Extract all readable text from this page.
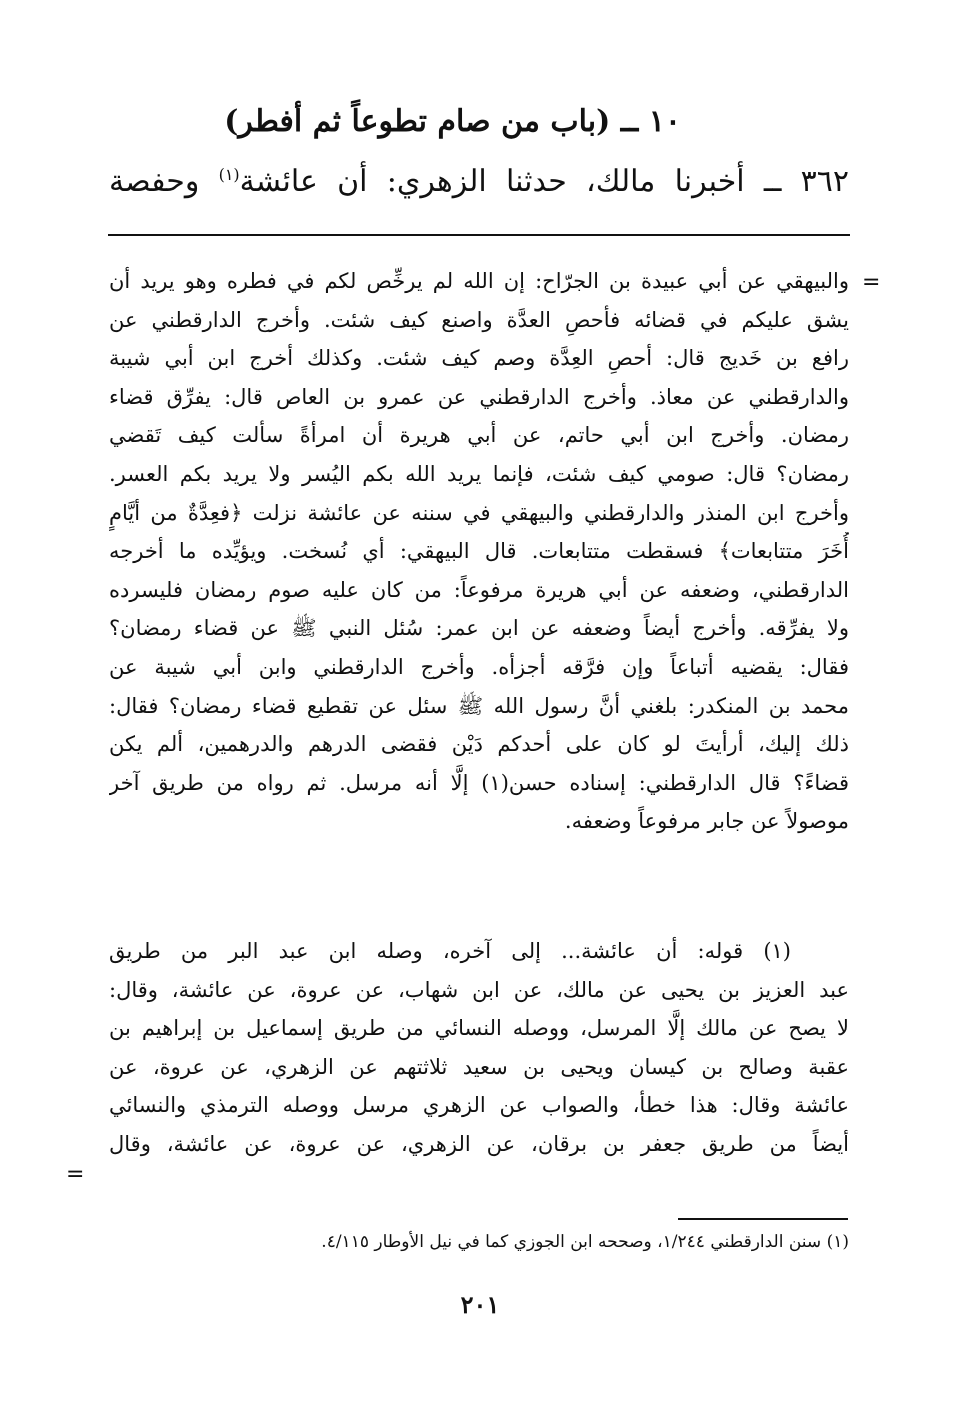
١٠ ــ (باب من صام تطوعاً ثم أفطر)
٣٦٢ ــ أخبرنا مالك، حدثنا الزهري: أن عائشة$^{(١)}$ وحفصة
=
والبيهقي عن أبي عبيدة بن الجرّاح: إن الله لم يرخِّص لكم في فطره وهو يريد أن
يشق عليكم في قضائه فأحصِ العدَّة واصنع كيف شئت. وأخرج الدارقطني عن
رافع بن خَديج قال: أحصِ العِدَّة وصم كيف شئت. وكذلك أخرج ابن أبي شيبة
والدارقطني عن معاذ. وأخرج الدارقطني عن عمرو بن العاص قال: يفرِّق قضاء
رمضان. وأخرج ابن أبي حاتم، عن أبي هريرة أن امرأةً سألت كيف تَقضي
رمضان؟ قال: صومي كيف شئت، فإنما يريد الله بكم اليُسر ولا يريد بكم العسر.
وأخرج ابن المنذر والدارقطني والبيهقي في سننه عن عائشة نزلت ﴿فعِدَّةٌ من أيَّامٍ
أُخَرَ متتابعات﴾ فسقطت متتابعات. قال البيهقي: أي نُسخت. ويؤيِّده ما أخرجه
الدارقطني، وضعفه عن أبي هريرة مرفوعاً: من كان عليه صوم رمضان فليسرده
ولا يفرِّقه. وأخرج أيضاً وضعفه عن ابن عمر: سُئل النبي ﷺ عن قضاء رمضان؟
فقال: يقضيه أتباعاً وإن فرَّقه أجزأه. وأخرج الدارقطني وابن أبي شيبة عن
محمد بن المنكدر: بلغني أنَّ رسول الله ﷺ سئل عن تقطيع قضاء رمضان؟ فقال:
ذلك إليك، أرأيتَ لو كان على أحدكم دَيْن فقضى الدرهم والدرهمين، ألم يكن
قضاءً؟ قال الدارقطني: إسناده حسن(١) إلَّا أنه مرسل. ثم رواه من طريق آخر
موصولاً عن جابر مرفوعاً وضعفه.
(١) قوله: أن عائشة... إلى آخره، وصله ابن عبد البر من طريق
عبد العزيز بن يحيى عن مالك، عن ابن شهاب، عن عروة، عن عائشة، وقال:
لا يصح عن مالك إلَّا المرسل، ووصله النسائي من طريق إسماعيل بن إبراهيم بن
عقبة وصالح بن كيسان ويحيى بن سعيد ثلاثتهم عن الزهري، عن عروة، عن
عائشة وقال: هذا خطأ، والصواب عن الزهري مرسل ووصله الترمذي والنسائي
أيضاً من طريق جعفر بن برقان، عن الزهري، عن عروة، عن عائشة، وقال
=
(١) سنن الدارقطني ١/٢٤٤، وصححه ابن الجوزي كما في نيل الأوطار ٤/١١٥.
٢٠١
